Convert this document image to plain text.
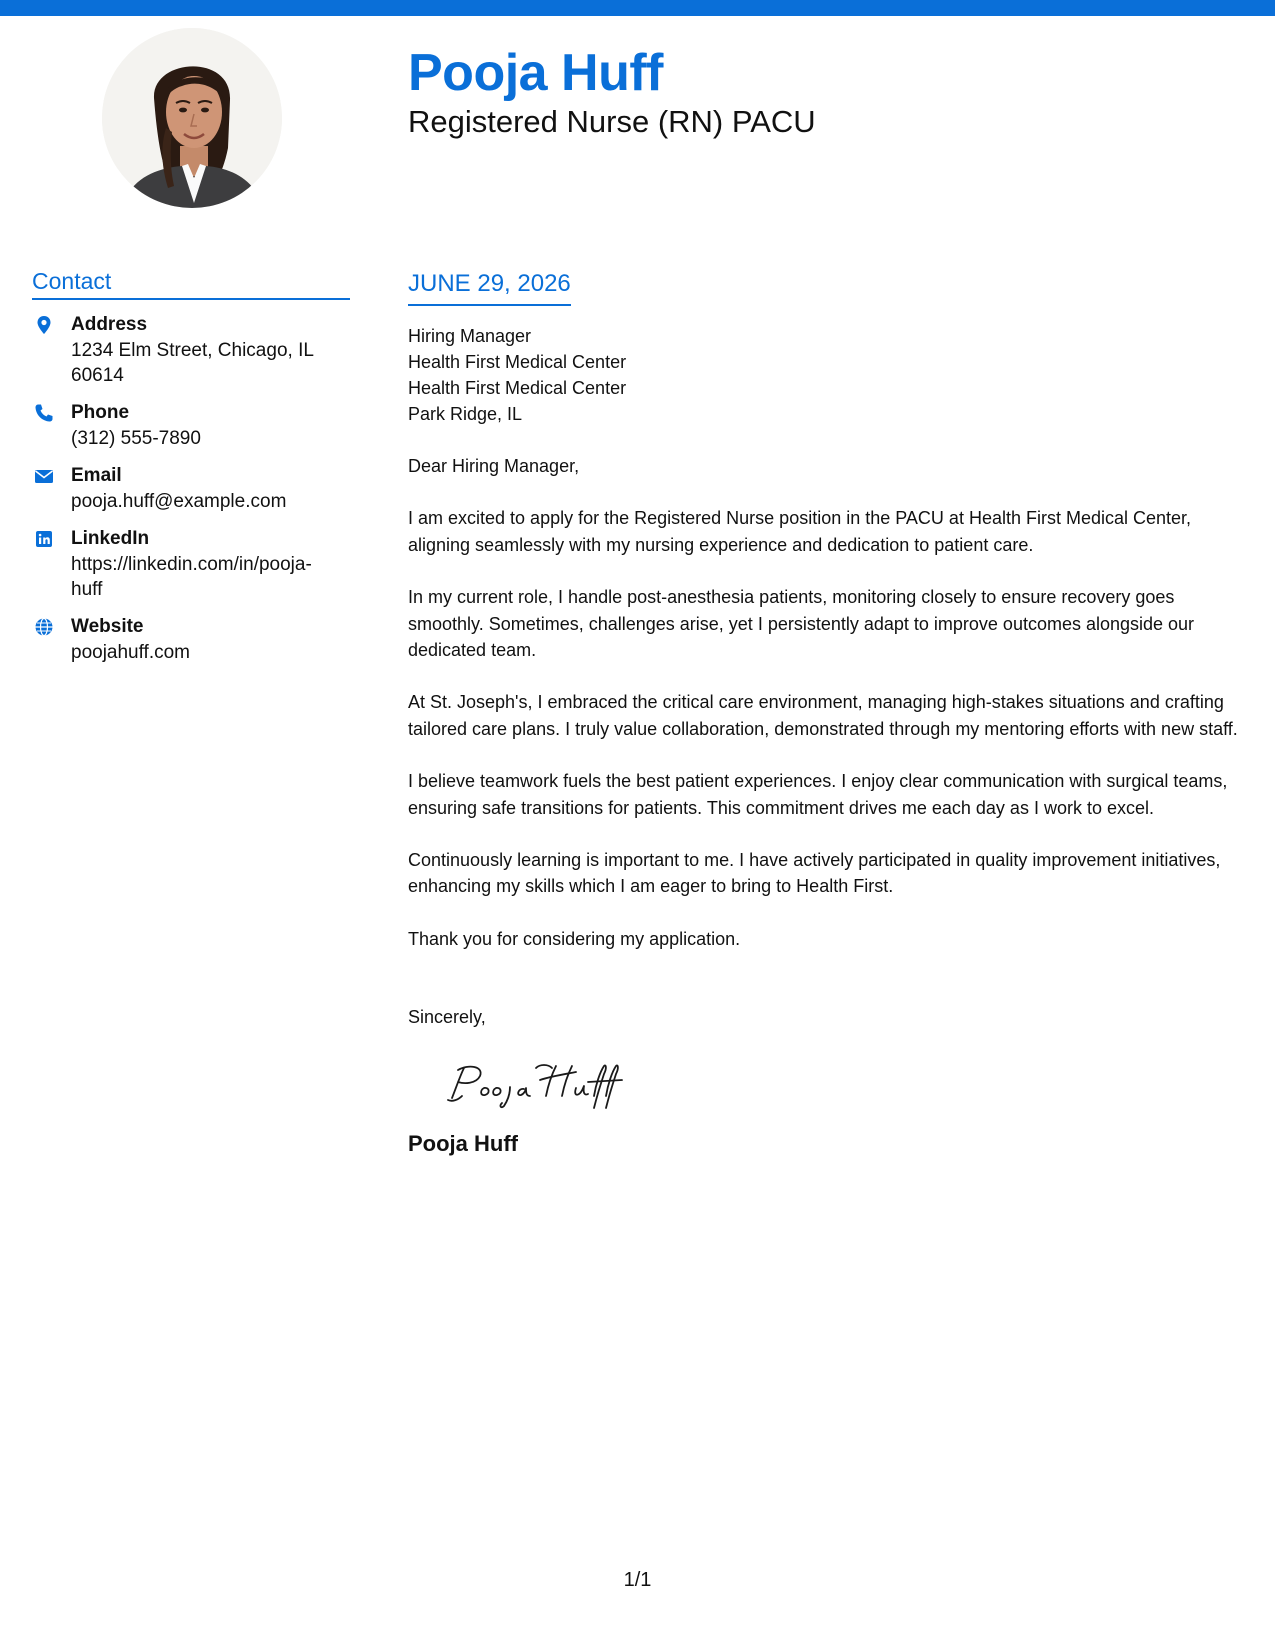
Pooja Huff
Registered Nurse (RN) PACU
Contact
Address
1234 Elm Street, Chicago, IL 60614
Phone
(312) 555-7890
Email
pooja.huff@example.com
LinkedIn
https://linkedin.com/in/pooja-huff
Website
poojahuff.com
JUNE 29, 2026
Hiring Manager
Health First Medical Center
Health First Medical Center
Park Ridge, IL
Dear Hiring Manager,
I am excited to apply for the Registered Nurse position in the PACU at Health First Medical Center, aligning seamlessly with my nursing experience and dedication to patient care.
In my current role, I handle post-anesthesia patients, monitoring closely to ensure recovery goes smoothly. Sometimes, challenges arise, yet I persistently adapt to improve outcomes alongside our dedicated team.
At St. Joseph's, I embraced the critical care environment, managing high-stakes situations and crafting tailored care plans. I truly value collaboration, demonstrated through my mentoring efforts with new staff.
I believe teamwork fuels the best patient experiences. I enjoy clear communication with surgical teams, ensuring safe transitions for patients. This commitment drives me each day as I work to excel.
Continuously learning is important to me. I have actively participated in quality improvement initiatives, enhancing my skills which I am eager to bring to Health First.
Thank you for considering my application.
Sincerely,
Pooja Huff
1/1
